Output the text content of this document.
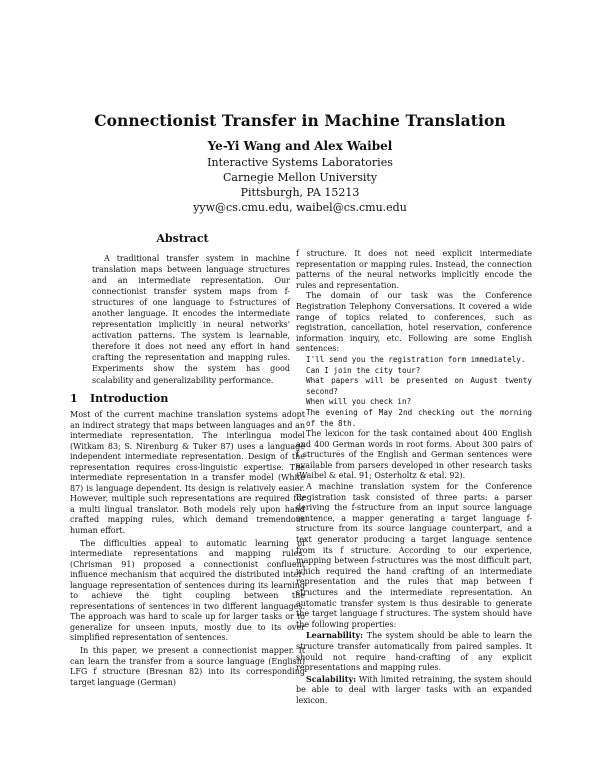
Connectionist Transfer in Machine Translation
Ye-Yi Wang and Alex Waibel
Interactive Systems Laboratories
Carnegie Mellon University
Pittsburgh, PA 15213
yyw@cs.cmu.edu, waibel@cs.cmu.edu
Abstract

A traditional transfer system in machine translation maps between language structures and an intermediate representation. Our connectionist transfer system maps from f-structures of one language to f-structures of another language. It encodes the intermediate representation implicitly in neural networks' activation patterns. The system is learnable, therefore it does not need any effort in hand crafting the representation and mapping rules. Experiments show the system has good scalability and generalizability performance.

1 Introduction

Most of the current machine translation systems adopt an indirect strategy that maps between languages and an intermediate representation. The interlingua model (Witkam 83; S. Nirenburg & Tuker 87) uses a language independent intermediate representation. Design of the representation requires cross-linguistic expertise. The intermediate representation in a transfer model (White 87) is language dependent. Its design is relatively easier. However, multiple such representations are required for a multi lingual translator. Both models rely upon hand crafted mapping rules, which demand tremendous human effort.

The difficulties appeal to automatic learning of intermediate representations and mapping rules. (Chrisman 91) proposed a connectionist confluent influence mechanism that acquired the distributed inter-language representation of sentences during its learning to achieve the tight coupling between the representations of sentences in two different languages. The approach was hard to scale up for larger tasks or to generalize for unseen inputs, mostly due to its over simplified representation of sentences.

In this paper, we present a connectionist mapper. It can learn the transfer from a source language (English) LFG f structure (Bresnan 82) into its corresponding target language (German)

f structure. It does not need explicit intermediate representation or mapping rules. Instead, the connection patterns of the neural networks implicitly encode the rules and representation.

The domain of our task was the Conference Registration Telephony Conversations. It covered a wide range of topics related to conferences, such as registration, cancellation, hotel reservation, conference information inquiry, etc. Following are some English sentences:

I'll send you the registration form immediately.

Can I join the city tour?

What papers will be presented on August twenty second?

When will you check in?

The evening of May 2nd checking out the morning of the 8th.

The lexicon for the task contained about 400 English and 400 German words in root forms. About 300 pairs of f structures of the English and German sentences were available from parsers developed in other research tasks (Waibel & etal. 91; Osterholtz & etal. 92).

A machine translation system for the Conference Registration task consisted of three parts: a parser deriving the f-structure from an input source language sentence, a mapper generating a target language f-structure from its source language counterpart, and a text generator producing a target language sentence from its f structure. According to our experience, mapping between f-structures was the most difficult part, which required the hand crafting of an intermediate representation and the rules that map between f structures and the intermediate representation. An automatic transfer system is thus desirable to generate the target language f structures. The system should have the following properties:

Learnability: The system should be able to learn the structure transfer automatically from paired samples. It should not require hand-crafting of any explicit representations and mapping rules.

Scalability: With limited retraining, the system should be able to deal with larger tasks with an expanded lexicon.
